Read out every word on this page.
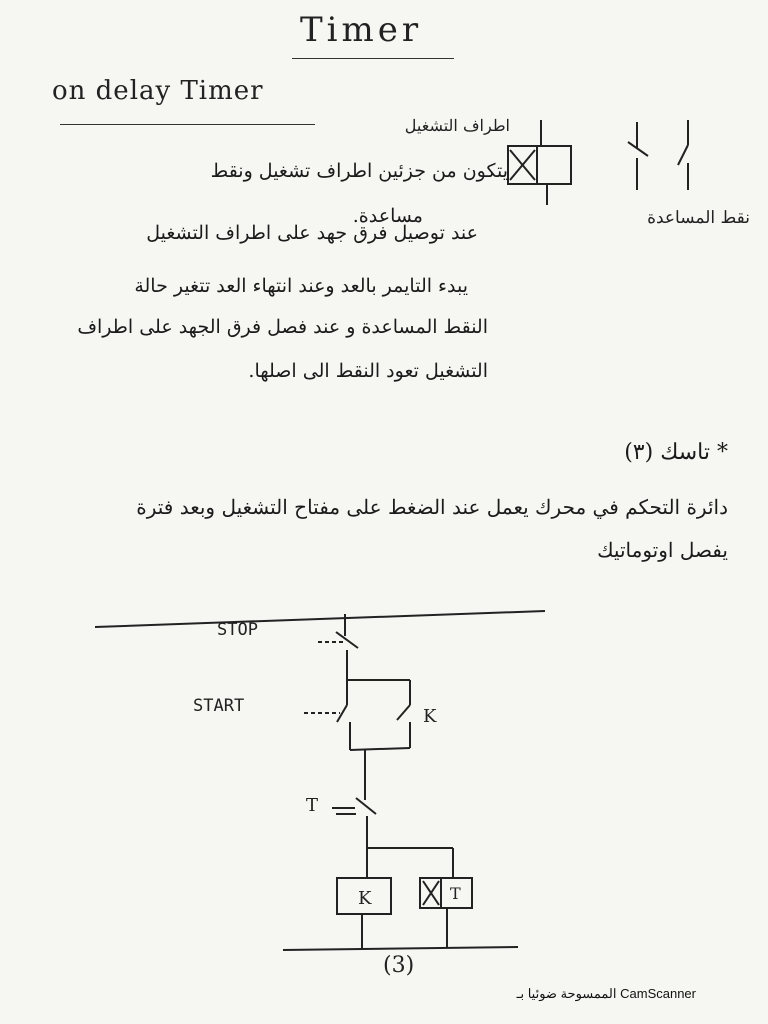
Timer
on delay Timer
اطراف التشغيل
نقط المساعدة
يتكون من جزئين اطراف تشغيل ونقط
مساعدة.
عند توصيل فرق جهد على اطراف التشغيل
يبدء التايمر بالعد وعند انتهاء العد تتغير حالة
النقط المساعدة و عند فصل فرق الجهد على اطراف
التشغيل تعود النقط الى اصلها.
* تاسك (٣)
دائرة التحكم في محرك يعمل عند الضغط على مفتاح التشغيل وبعد فترة
يفصل اوتوماتيك
K	T
STOP
START	K
T
(3)
CamScanner الممسوحة ضوئيا بـ
